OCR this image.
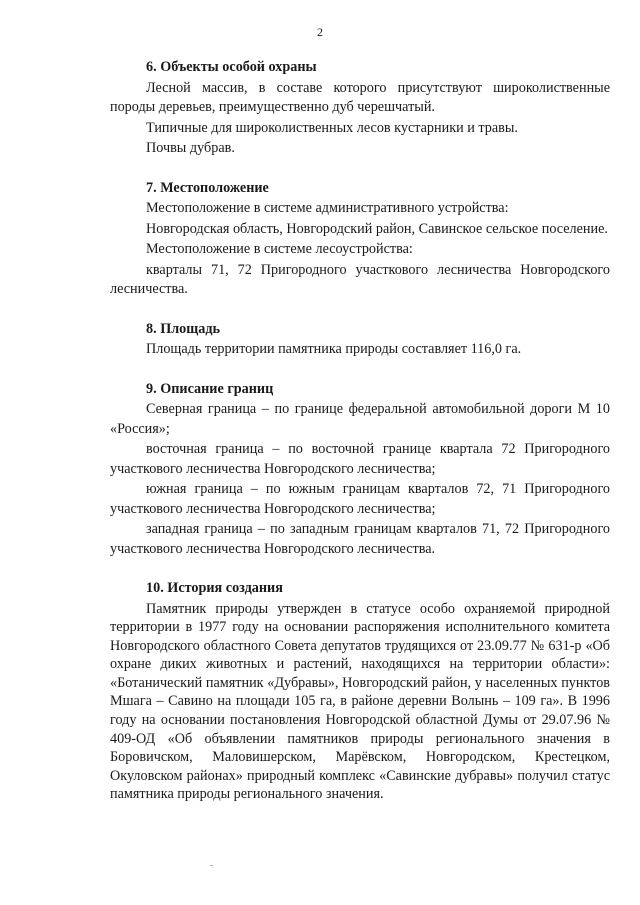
2

6. Объекты особой охраны

Лесной массив, в составе которого присутствуют широколиственные породы деревьев, преимущественно дуб черешчатый.

Типичные для широколиственных лесов кустарники и травы.

Почвы дубрав.

7. Местоположение

Местоположение в системе административного устройства:

Новгородская область, Новгородский район, Савинское сельское поселение.

Местоположение в системе лесоустройства:

кварталы 71, 72 Пригородного участкового лесничества Новгородского лесничества.

8. Площадь

Площадь территории памятника природы составляет 116,0 га.

9. Описание границ

Северная граница – по границе федеральной автомобильной дороги М 10 «Россия»;

восточная граница – по восточной границе квартала 72 Пригородного участкового лесничества Новгородского лесничества;

южная граница – по южным границам кварталов 72, 71 Пригородного участкового лесничества Новгородского лесничества;

западная граница – по западным границам кварталов 71, 72 Пригородного участкового лесничества Новгородского лесничества.

10. История создания

Памятник природы утвержден в статусе особо охраняемой природной территории в 1977 году на основании распоряжения исполнительного комитета Новгородского областного Совета депутатов трудящихся от 23.09.77 № 631-р «Об охране диких животных и растений, находящихся на территории области»: «Ботанический памятник «Дубравы», Новгородский район, у населенных пунктов Мшага – Савино на площади 105 га, в районе деревни Волынь – 109 га». В 1996 году на основании постановления Новгородской областной Думы от 29.07.96 № 409-ОД «Об объявлении памятников природы регионального значения в Боровичском, Маловишерском, Марёвском, Новгородском, Крестецком, Окуловском районах» природный комплекс «Савинские дубравы» получил статус памятника природы регионального значения.
